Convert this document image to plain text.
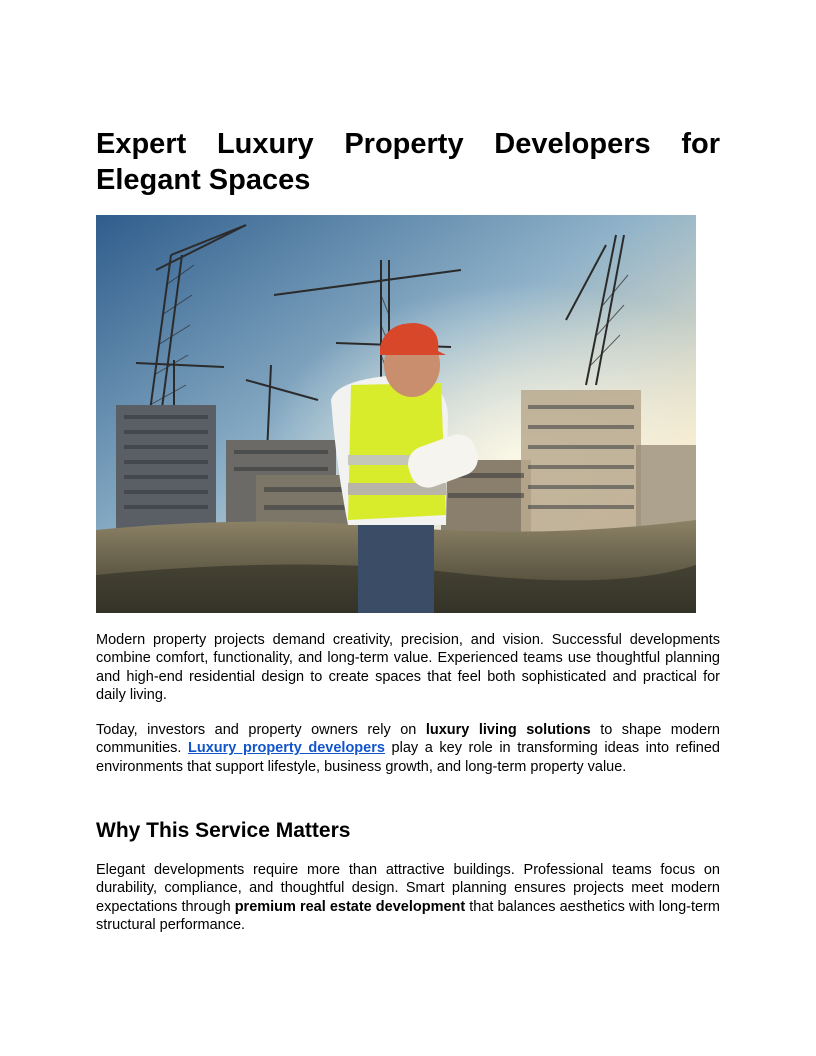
Expert Luxury Property Developers for Elegant Spaces

Modern property projects demand creativity, precision, and vision. Successful developments combine comfort, functionality, and long-term value. Experienced teams use thoughtful planning and high-end residential design to create spaces that feel both sophisticated and practical for daily living.

Today, investors and property owners rely on luxury living solutions to shape modern communities. Luxury property developers play a key role in transforming ideas into refined environments that support lifestyle, business growth, and long-term property value.

Why This Service Matters

Elegant developments require more than attractive buildings. Professional teams focus on durability, compliance, and thoughtful design. Smart planning ensures projects meet modern expectations through premium real estate development that balances aesthetics with long-term structural performance.
